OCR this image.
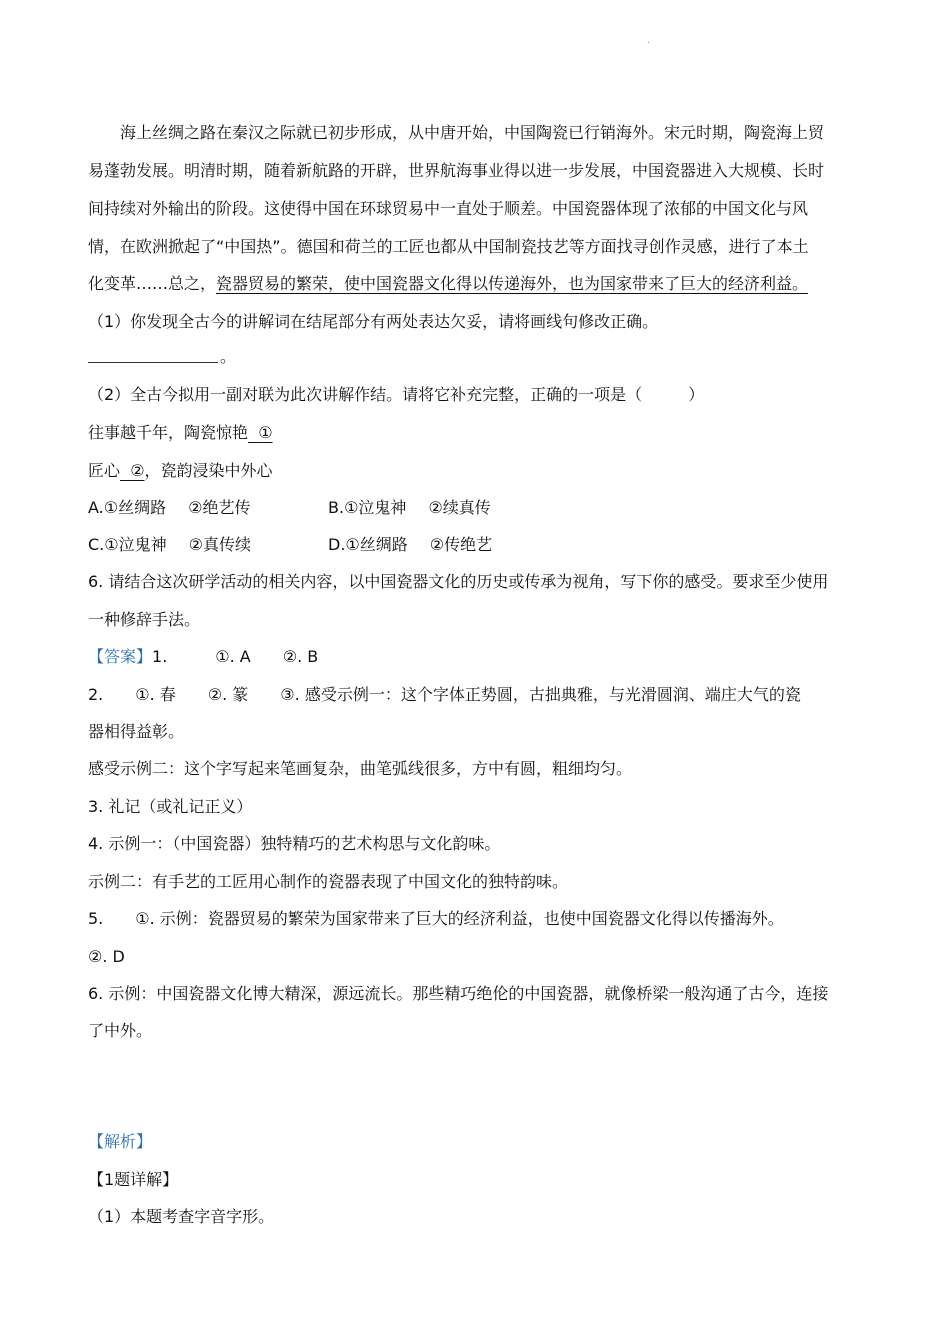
.
海上丝绸之路在秦汉之际就已初步形成，从中唐开始，中国陶瓷已行销海外。宋元时期，陶瓷海上贸
易蓬勃发展。明清时期，随着新航路的开辟，世界航海事业得以进一步发展，中国瓷器进入大规模、长时
间持续对外输出的阶段。这使得中国在环球贸易中一直处于顺差。中国瓷器体现了浓郁的中国文化与风
情，在欧洲掀起了“中国热”。德国和荷兰的工匠也都从中国制瓷技艺等方面找寻创作灵感，进行了本土
化变革……总之，瓷器贸易的繁荣，使中国瓷器文化得以传递海外，也为国家带来了巨大的经济利益。
（1）你发现全古今的讲解词在结尾部分有两处表达欠妥，请将画线句修改正确。
。
（2）全古今拟用一副对联为此次讲解作结。请将它补充完整，正确的一项是（	）
往事越千年，陶瓷惊艳 ①
匠心 ②，瓷韵浸染中外心
A.①丝绸路 ②绝艺传	B.①泣鬼神 ②续真传
C.①泣鬼神 ②真传续	D.①丝绸路 ②传绝艺
6. 请结合这次研学活动的相关内容，以中国瓷器文化的历史或传承为视角，写下你的感受。要求至少使用
一种修辞手法。
【答案】1.　　　①. A　　②. B
2.　　①. 春　　②. 篆　　③. 感受示例一：这个字体正势圆，古拙典雅，与光滑圆润、端庄大气的瓷
器相得益彰。
感受示例二：这个字写起来笔画复杂，曲笔弧线很多，方中有圆，粗细均匀。
3. 礼记（或礼记正义）
4. 示例一：（中国瓷器）独特精巧的艺术构思与文化韵味。
示例二：有手艺的工匠用心制作的瓷器表现了中国文化的独特韵味。
5.　　①. 示例：瓷器贸易的繁荣为国家带来了巨大的经济利益，也使中国瓷器文化得以传播海外。
②. D
6. 示例：中国瓷器文化博大精深，源远流长。那些精巧绝伦的中国瓷器，就像桥梁一般沟通了古今，连接
了中外。
【解析】
【1题详解】
（1）本题考查字音字形。
